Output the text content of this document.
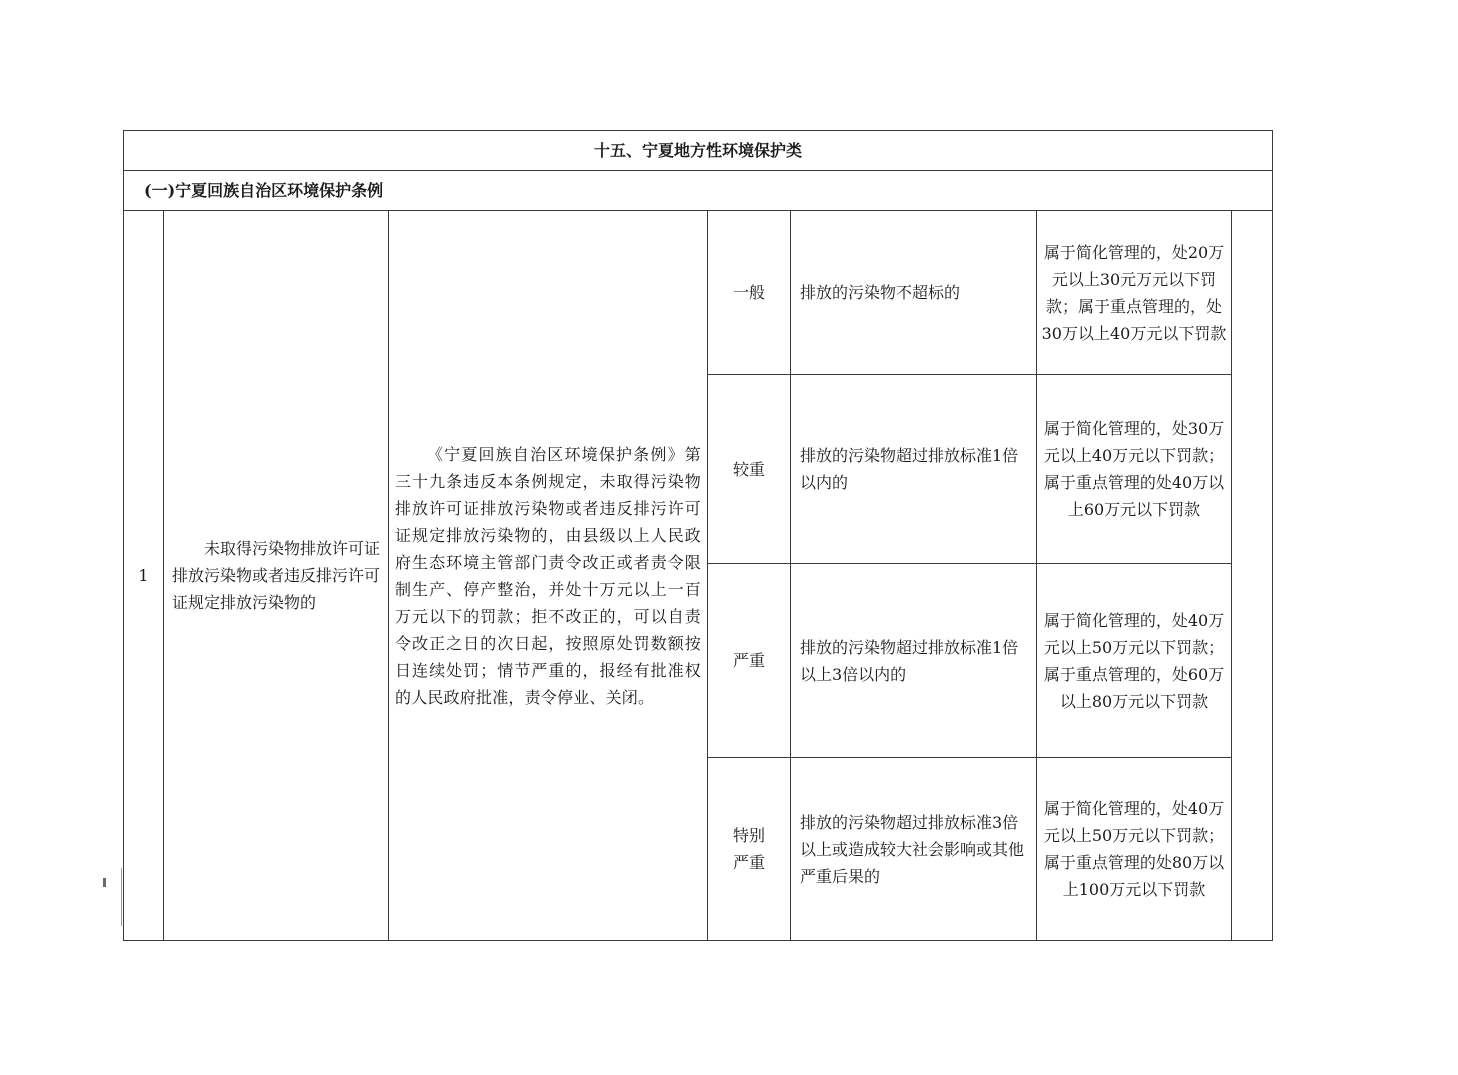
十五、宁夏地方性环境保护类						
(一)宁夏回族自治区环境保护条例						
1	未取得污染物排放许可证排放污染物或者违反排污许可证规定排放污染物的	《宁夏回族自治区环境保护条例》第三十九条违反本条例规定，未取得污染物排放许可证排放污染物或者违反排污许可证规定排放污染物的，由县级以上人民政府生态环境主管部门责令改正或者责令限制生产、停产整治，并处十万元以上一百万元以下的罚款；拒不改正的，可以自责令改正之日的次日起，按照原处罚数额按日连续处罚；情节严重的，报经有批准权的人民政府批准，责令停业、关闭。	一般	排放的污染物不超标的	属于简化管理的，处20万元以上30元万元以下罚款；属于重点管理的，处30万以上40万元以下罚款	
			较重	排放的污染物超过排放标准1倍以内的	属于简化管理的，处30万元以上40万元以下罚款；属于重点管理的处40万以上60万元以下罚款	
			严重	排放的污染物超过排放标准1倍以上3倍以内的	属于简化管理的，处40万元以上50万元以下罚款；属于重点管理的，处60万以上80万元以下罚款	
			特别严重	排放的污染物超过排放标准3倍以上或造成较大社会影响或其他严重后果的	属于简化管理的，处40万元以上50万元以下罚款；属于重点管理的处80万以上100万元以下罚款	
